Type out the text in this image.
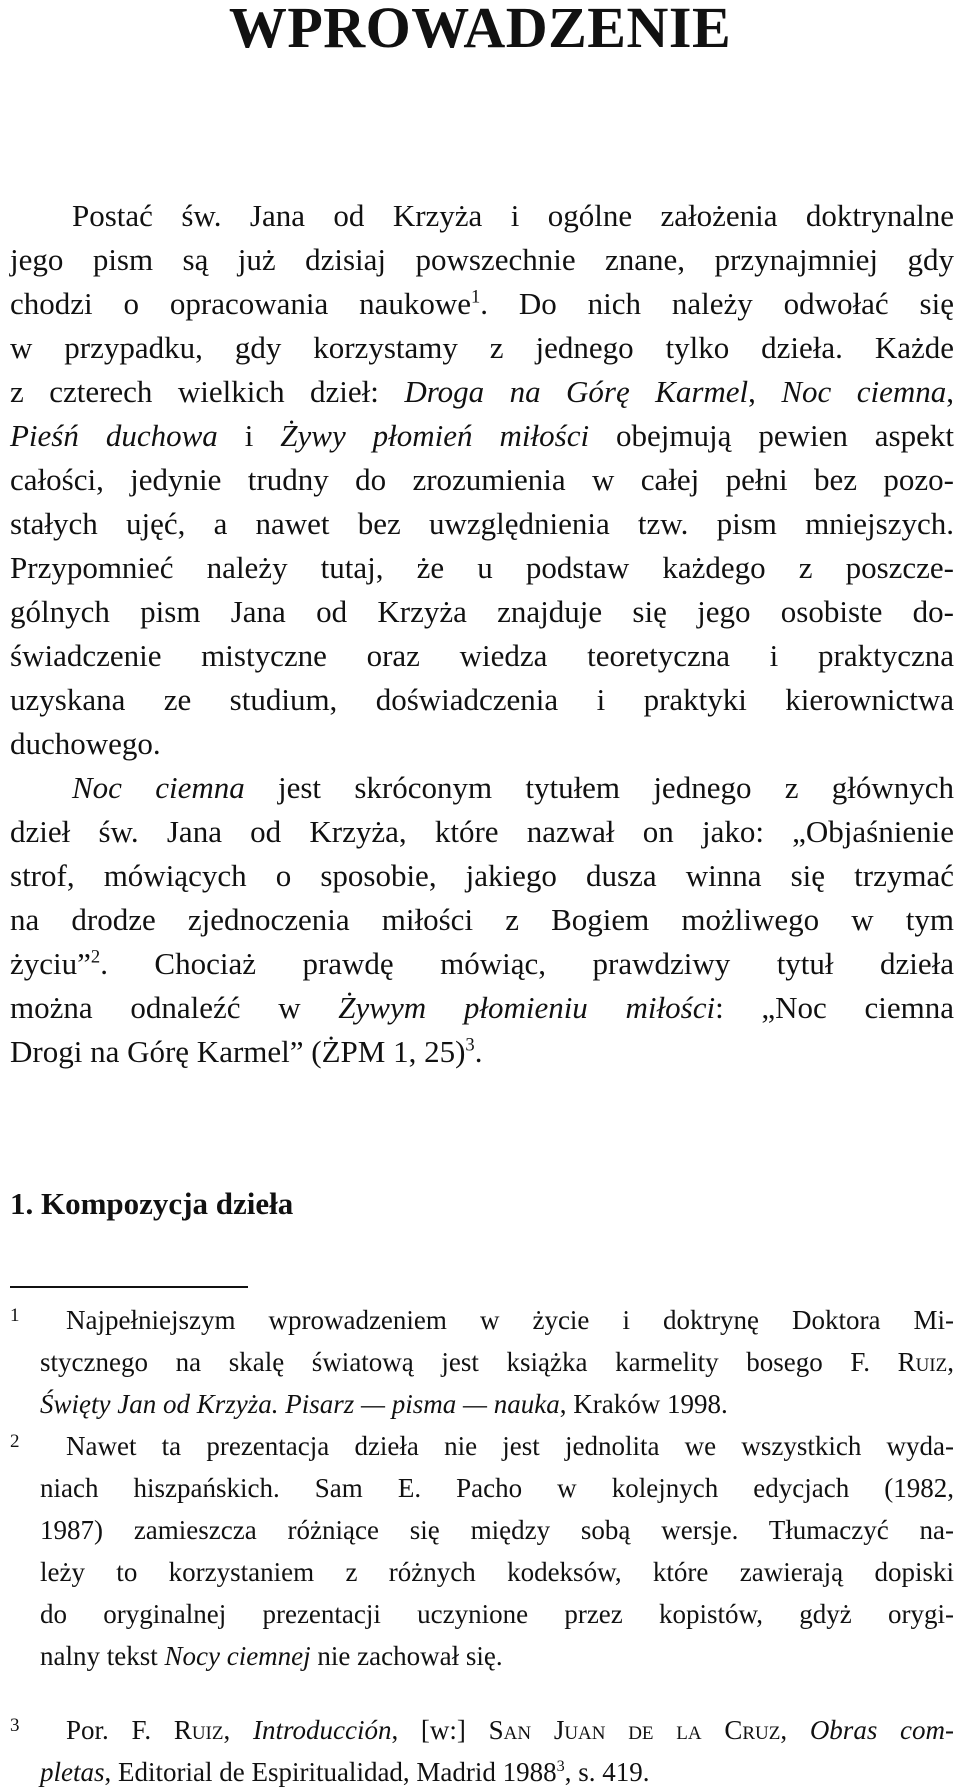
WPROWADZENIE
Postać św. Jana od Krzyża i ogólne założenia doktrynalne
jego pism są już dzisiaj powszechnie znane, przynajmniej gdy
chodzi o opracowania naukowe$^1$. Do nich należy odwołać się
w przypadku, gdy korzystamy z jednego tylko dzieła. Każde
z czterech wielkich dzieł: Droga na Górę Karmel, Noc ciemna,
Pieśń duchowa i Żywy płomień miłości obejmują pewien aspekt
całości, jedynie trudny do zrozumienia w całej pełni bez pozo-
stałych ujęć, a nawet bez uwzględnienia tzw. pism mniejszych.
Przypomnieć należy tutaj, że u podstaw każdego z poszcze-
gólnych pism Jana od Krzyża znajduje się jego osobiste do-
świadczenie mistyczne oraz wiedza teoretyczna i praktyczna
uzyskana ze studium, doświadczenia i praktyki kierownictwa
duchowego.
Noc ciemna jest skróconym tytułem jednego z głównych
dzieł św. Jana od Krzyża, które nazwał on jako: „Objaśnienie
strof, mówiących o sposobie, jakiego dusza winna się trzymać
na drodze zjednoczenia miłości z Bogiem możliwego w tym
życiu”$^2$. Chociaż prawdę mówiąc, prawdziwy tytuł dzieła
można odnaleźć w Żywym płomieniu miłości: „Noc ciemna
Drogi na Górę Karmel” (ŻPM 1, 25)$^3$.
1. Kompozycja dzieła
1 Najpełniejszym wprowadzeniem w życie i doktrynę Doktora Mi-
stycznego na skalę światową jest książka karmelity bosego F. Ruiz,
Święty Jan od Krzyża. Pisarz — pisma — nauka, Kraków 1998.
2 Nawet ta prezentacja dzieła nie jest jednolita we wszystkich wyda-
niach hiszpańskich. Sam E. Pacho w kolejnych edycjach (1982,
1987) zamieszcza różniące się między sobą wersje. Tłumaczyć na-
leży to korzystaniem z różnych kodeksów, które zawierają dopiski
do oryginalnej prezentacji uczynione przez kopistów, gdyż orygi-
nalny tekst Nocy ciemnej nie zachował się.
3 Por. F. Ruiz, Introducción, [w:] San Juan de la Cruz, Obras com-
pletas, Editorial de Espiritualidad, Madrid 1988$^3$, s. 419.
